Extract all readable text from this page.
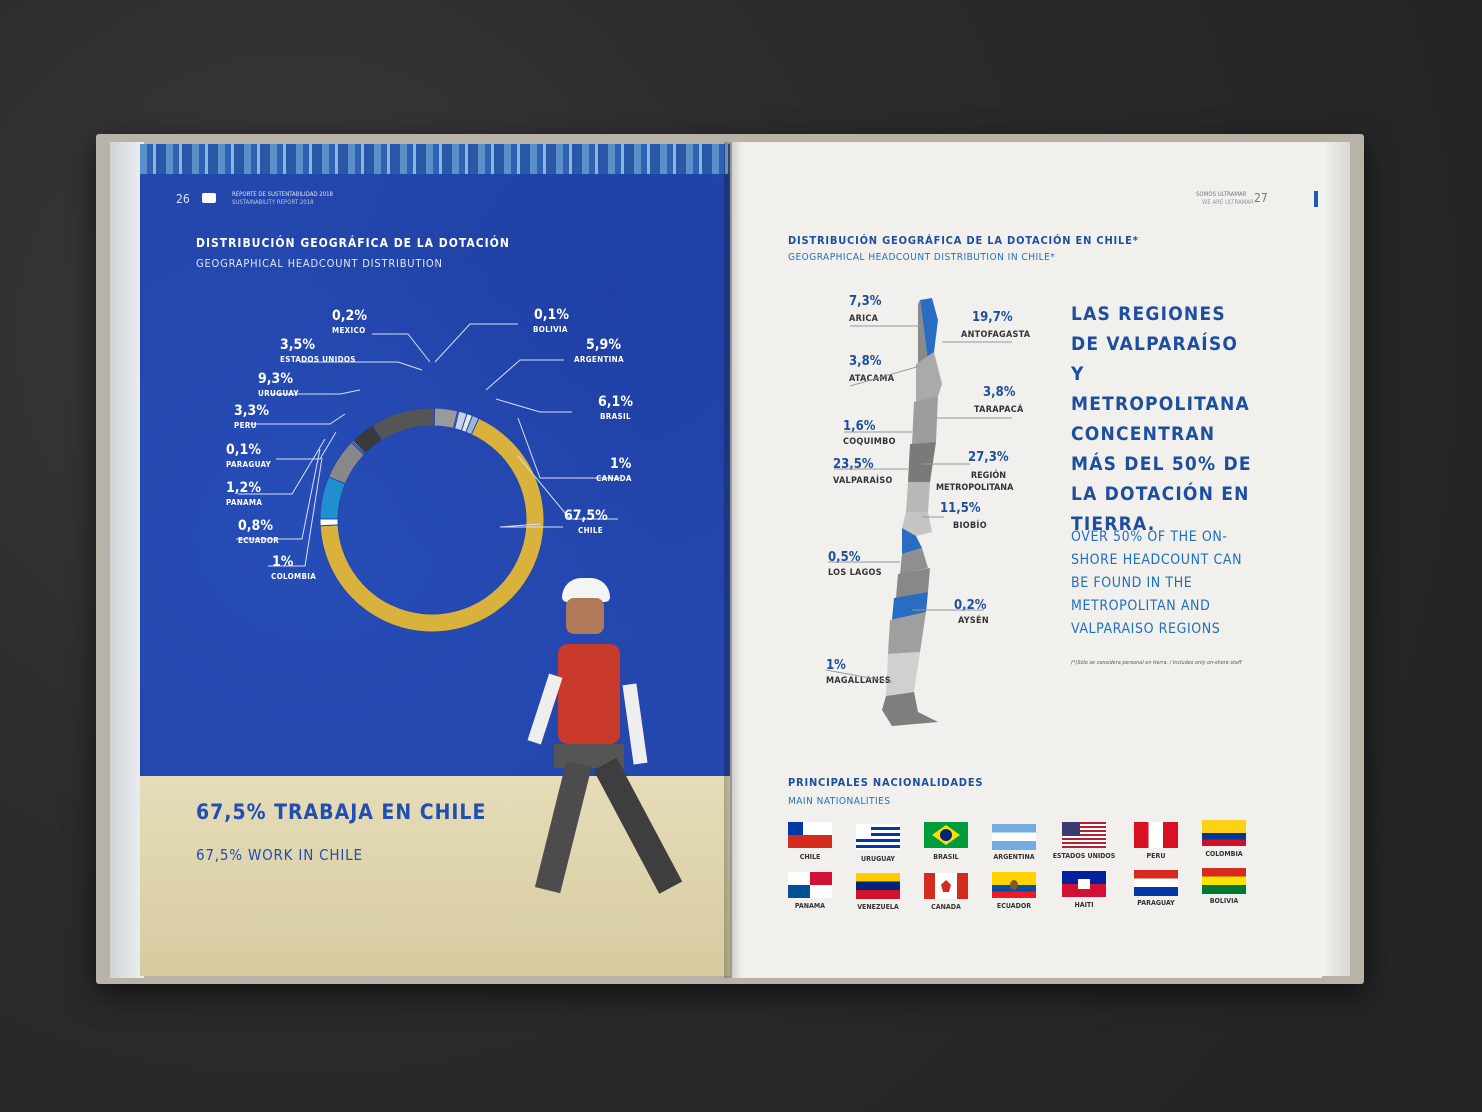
26	REPORTE DE SUSTENTABILIDAD 2018
SUSTAINABILITY REPORT 2018
DISTRIBUCIÓN GEOGRÁFICA DE LA DOTACIÓN
GEOGRAPHICAL HEADCOUNT DISTRIBUTION
0,2%
MEXICO
0,1%
BOLIVIA
3,5%
ESTADOS UNIDOS
5,9%
ARGENTINA
9,3%
URUGUAY
6,1%
BRASIL
3,3%
PERU
0,1%
PARAGUAY	1%
CANADA
1,2%
PANAMA
67,5%
CHILE
0,8%
ECUADOR
1%
COLOMBIA
67,5% TRABAJA EN CHILE
67,5% WORK IN CHILE
SOMOS ULTRAMAR
WE ARE ULTRAMAR 27
DISTRIBUCIÓN GEOGRÁFICA DE LA DOTACIÓN EN CHILE*
GEOGRAPHICAL HEADCOUNT DISTRIBUTION IN CHILE*
7,3%
ARICA	19,7%
ANTOFAGASTA
3,8%
ATACAMA
3,8%
TARAPACÁ
1,6%
COQUIMBO
23,5%
VALPARAÍSO
27,3%
REGIÓN METROPOLITANA
11,5%
BIOBÍO
0,5%
LOS LAGOS
0,2%
AYSÉN
1%
MAGALLANES
LAS REGIONES DE VALPARAÍSO Y METROPOLITANA CONCENTRAN MÁS DEL 50% DE LA DOTACIÓN EN TIERRA.
OVER 50% OF THE ON-SHORE HEADCOUNT CAN BE FOUND IN THE METROPOLITAN AND VALPARAISO REGIONS
(*)Sólo se considera personal en tierra. / Includes only on-shore staff
PRINCIPALES NACIONALIDADES
MAIN NATIONALITIES
CHILE	URUGUAY	BRASIL	ARGENTINA	ESTADOS UNIDOS	PERU	COLOMBIA
PANAMA	VENEZUELA	CANADA	ECUADOR	HAITI	PARAGUAY	BOLIVIA
